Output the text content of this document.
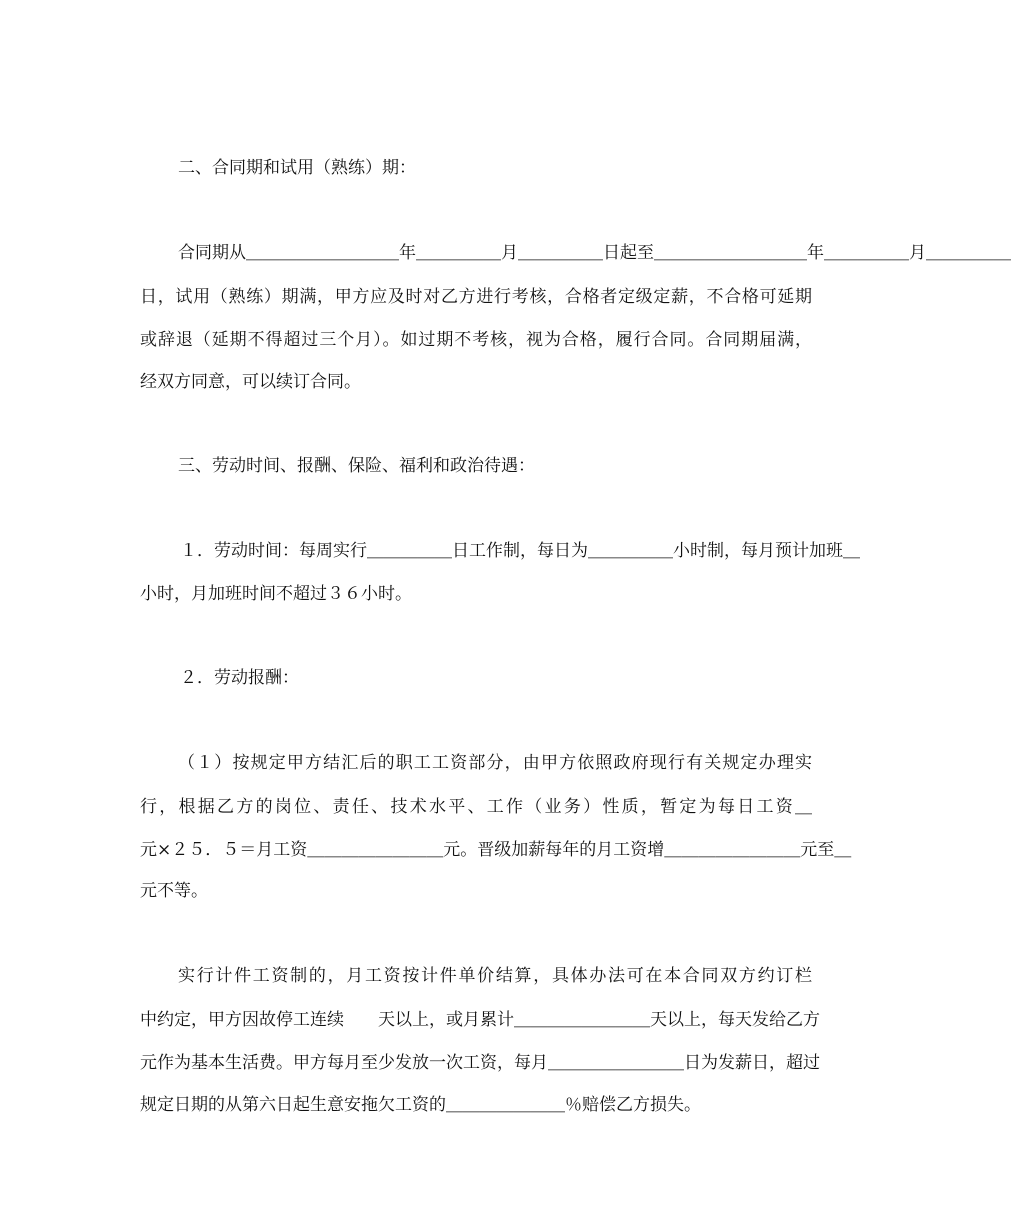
二、合同期和试用（熟练）期：
合同期从＿＿＿＿＿＿＿＿＿年＿＿＿＿＿月＿＿＿＿＿日起至＿＿＿＿＿＿＿＿＿年＿＿＿＿＿月＿＿＿＿＿
日，试用（熟练）期满，甲方应及时对乙方进行考核，合格者定级定薪，不合格可延期
或辞退（延期不得超过三个月）。如过期不考核，视为合格，履行合同。合同期届满，
经双方同意，可以续订合同。
三、劳动时间、报酬、保险、福利和政治待遇：
１．劳动时间：每周实行＿＿＿＿＿日工作制，每日为＿＿＿＿＿小时制，每月预计加班＿
小时，月加班时间不超过３６小时。
２．劳动报酬：
（１）按规定甲方结汇后的职工工资部分，由甲方依照政府现行有关规定办理实
行，根据乙方的岗位、责任、技术水平、工作（业务）性质，暂定为每日工资＿
元×２５．５＝月工资＿＿＿＿＿＿＿＿元。晋级加薪每年的月工资增＿＿＿＿＿＿＿＿元至＿
元不等。
实行计件工资制的，月工资按计件单价结算，具体办法可在本合同双方约订栏
中约定，甲方因故停工连续　　天以上，或月累计＿＿＿＿＿＿＿＿天以上，每天发给乙方
元作为基本生活费。甲方每月至少发放一次工资，每月＿＿＿＿＿＿＿＿日为发薪日，超过
规定日期的从第六日起生意安拖欠工资的＿＿＿＿＿＿＿％赔偿乙方损失。
